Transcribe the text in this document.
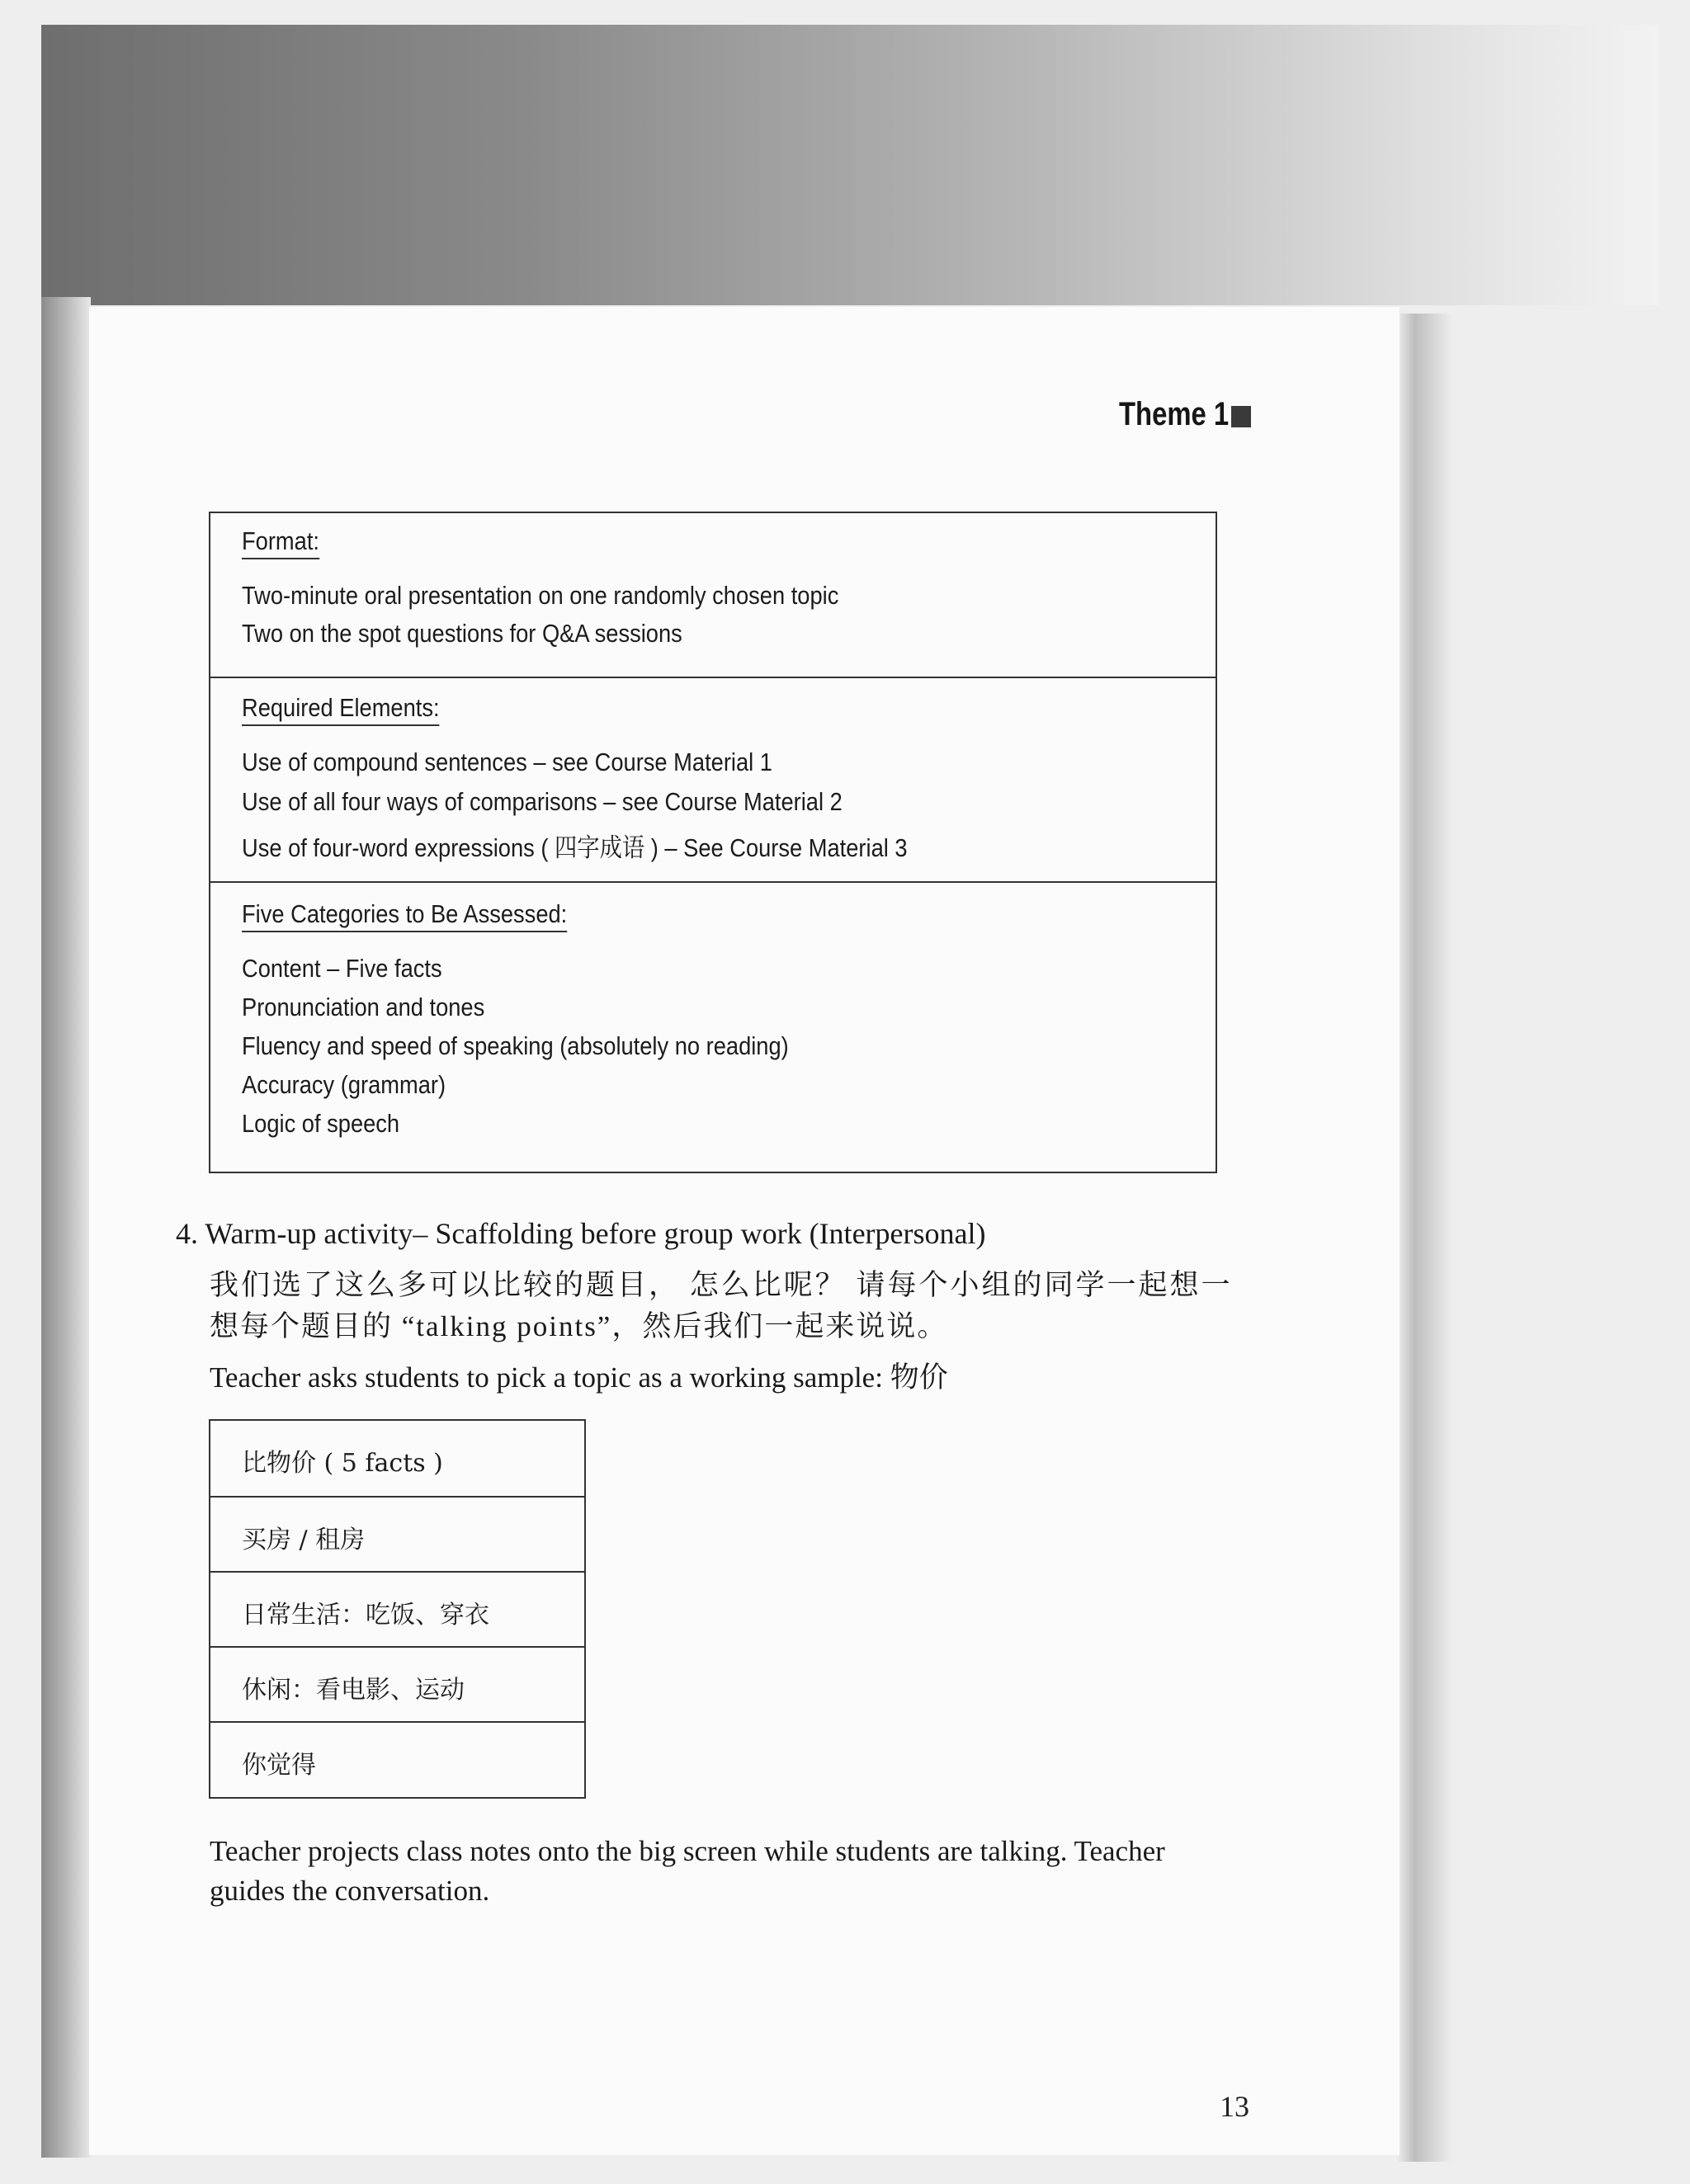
Theme 1
Format:
Two-minute oral presentation on one randomly chosen topic
Two on the spot questions for Q&A sessions
Required Elements:
Use of compound sentences – see Course Material 1
Use of all four ways of comparisons – see Course Material 2
Use of four-word expressions ( 四字成语 ) – See Course Material 3
Five Categories to Be Assessed:
Content – Five facts
Pronunciation and tones
Fluency and speed of speaking (absolutely no reading)
Accuracy (grammar)
Logic of speech
4. Warm-up activity– Scaffolding before group work (Interpersonal)
我们选了这么多可以比较的题目， 怎么比呢？ 请每个小组的同学一起想一
想每个题目的 “talking points”，然后我们一起来说说。
Teacher asks students to pick a topic as a working sample: 物价
比物价 ( 5 facts )
买房 / 租房
日常生活：吃饭、穿衣
休闲：看电影、运动
你觉得
Teacher projects class notes onto the big screen while students are talking. Teacher
guides the conversation.
13
